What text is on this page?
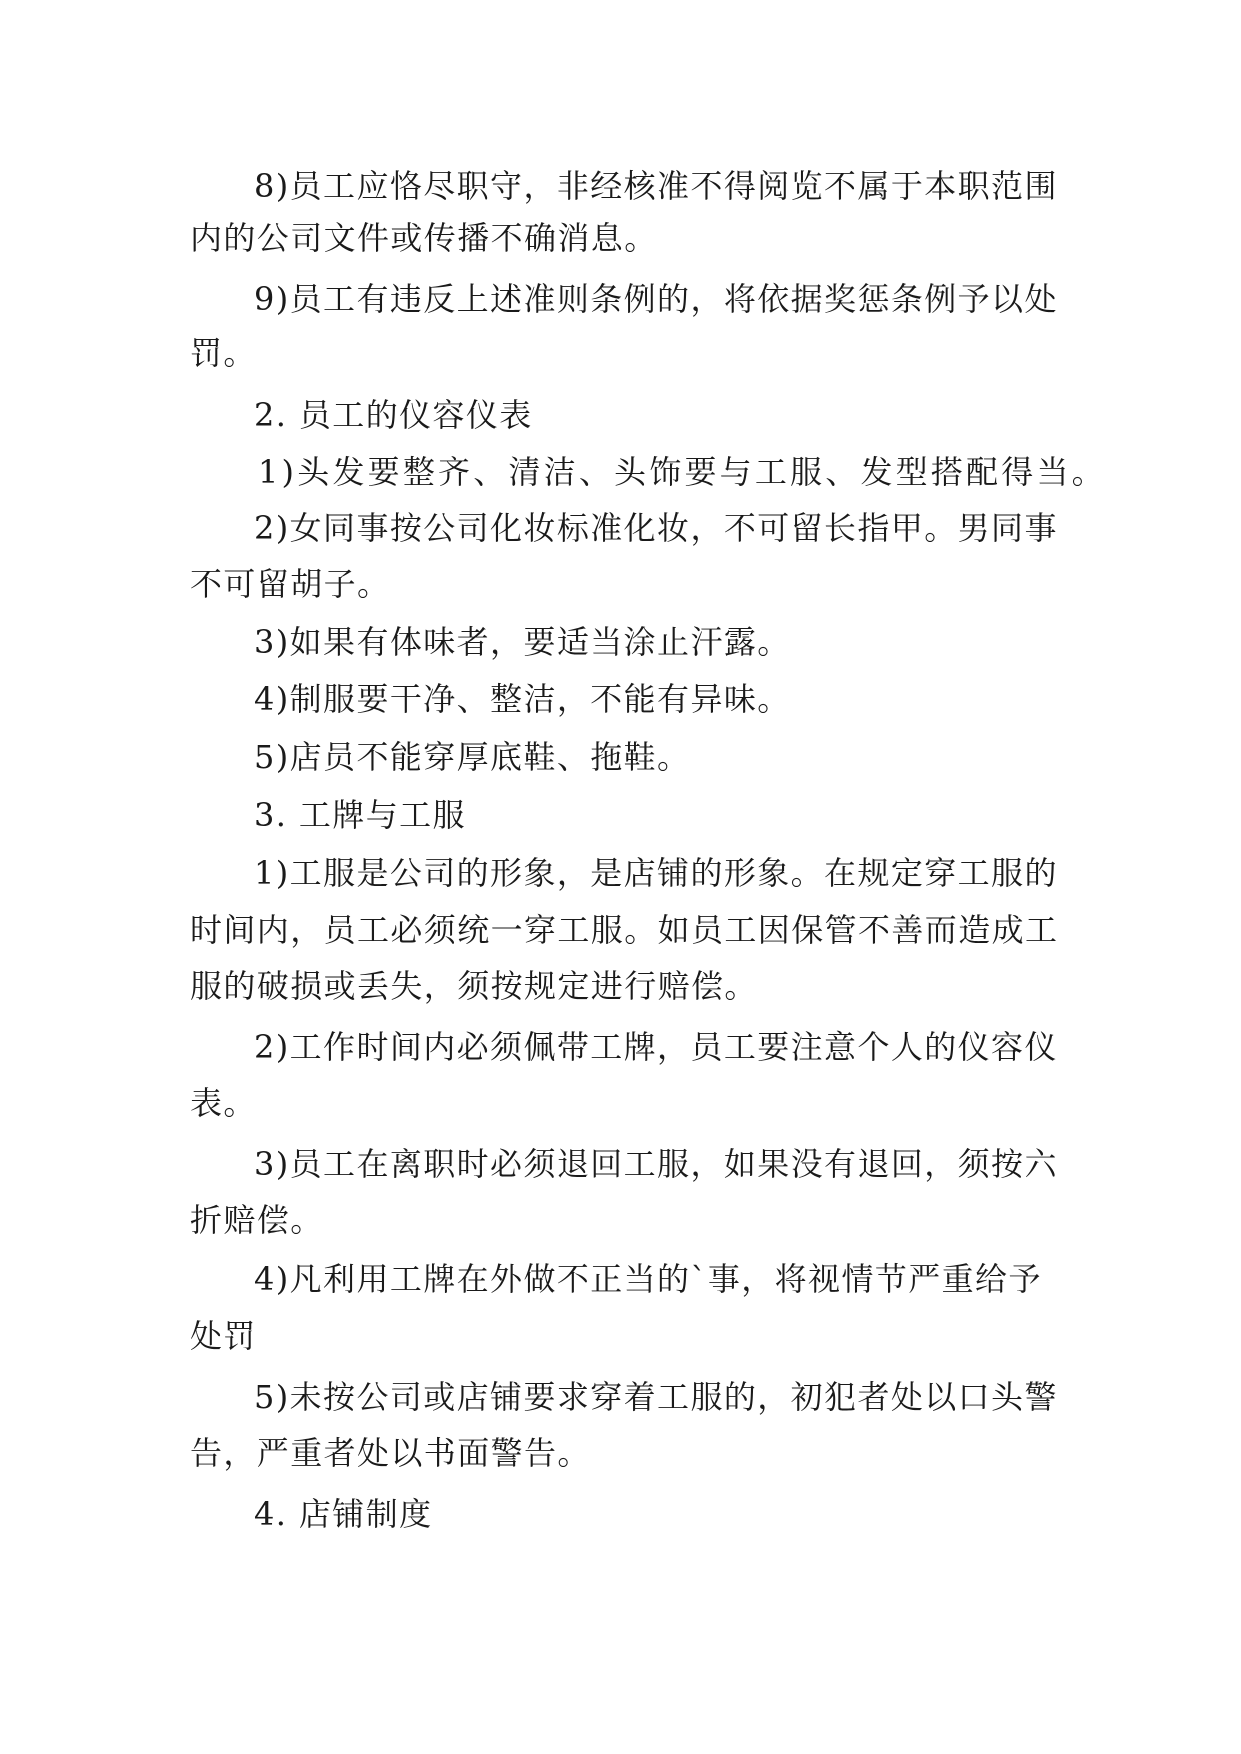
8)员工应恪尽职守，非经核准不得阅览不属于本职范围
内的公司文件或传播不确消息。
9)员工有违反上述准则条例的，将依据奖惩条例予以处
罚。
2. 员工的仪容仪表
1)头发要整齐、清洁、头饰要与工服、发型搭配得当。
2)女同事按公司化妆标准化妆，不可留长指甲。男同事
不可留胡子。
3)如果有体味者，要适当涂止汗露。
4)制服要干净、整洁，不能有异味。
5)店员不能穿厚底鞋、拖鞋。
3. 工牌与工服
1)工服是公司的形象，是店铺的形象。在规定穿工服的
时间内，员工必须统一穿工服。如员工因保管不善而造成工
服的破损或丢失，须按规定进行赔偿。
2)工作时间内必须佩带工牌，员工要注意个人的仪容仪
表。
3)员工在离职时必须退回工服，如果没有退回，须按六
折赔偿。
4)凡利用工牌在外做不正当的`事，将视情节严重给予
处罚
5)未按公司或店铺要求穿着工服的，初犯者处以口头警
告，严重者处以书面警告。
4. 店铺制度
